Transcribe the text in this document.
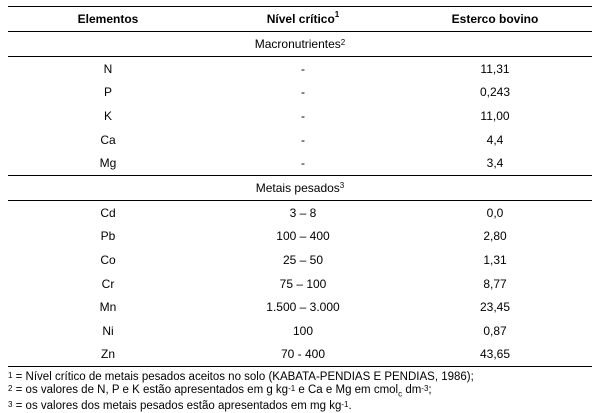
Elementos	Nível crítico$^1$	Esterco bovino
Macronutrientes$^2$
N	-	11,31
P	-	0,243
K	-	11,00
Ca	-	4,4
Mg	-	3,4
Metais pesados$^3$
Cd	3 – 8	0,0
Pb	100 – 400	2,80
Co	25 – 50	1,31
Cr	75 – 100	8,77
Mn	1.500 – 3.000	23,45
Ni	100	0,87
Zn	70 - 400	43,65
$^1$ = Nível crítico de metais pesados aceitos no solo (KABATA-PENDIAS E PENDIAS, 1986);
$^2$ = os valores de N, P e K estão apresentados em g $kg^{-1}$ e Ca e Mg em cmol$_c$ $dm^{-3}$;
$^3$ = os valores dos metais pesados estão apresentados em mg $kg^{-1}$.
